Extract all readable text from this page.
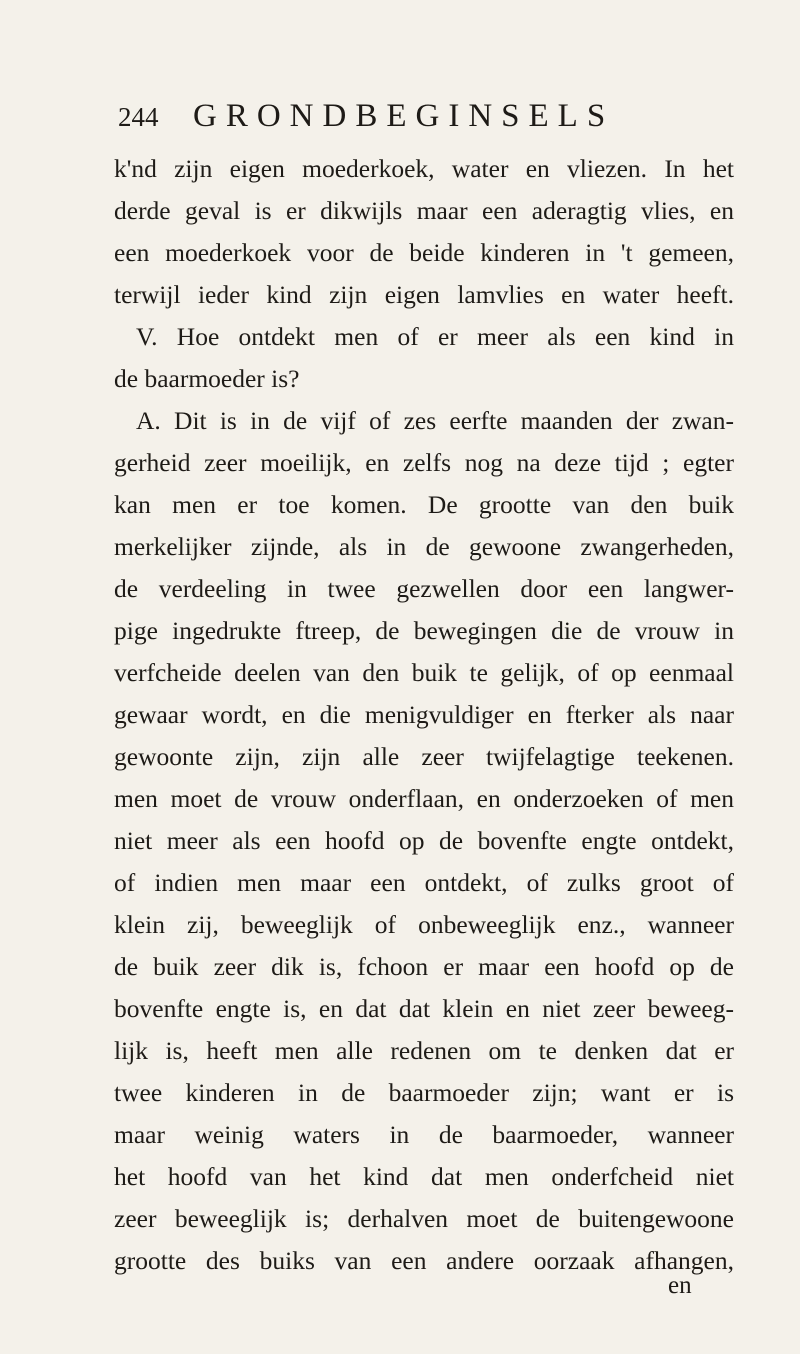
244	GRONDBEGINSELS
k'nd zijn eigen moederkoek, water en vliezen. In het
derde geval is er dikwijls maar een aderagtig vlies, en
een moederkoek voor de beide kinderen in 't gemeen,
terwijl ieder kind zijn eigen lamvlies en water heeft.
V. Hoe ontdekt men of er meer als een kind in
de baarmoeder is?
A. Dit is in de vijf of zes eerfte maanden der zwan-
gerheid zeer moeilijk, en zelfs nog na deze tijd ; egter
kan men er toe komen. De grootte van den buik
merkelijker zijnde, als in de gewoone zwangerheden,
de verdeeling in twee gezwellen door een langwer-
pige ingedrukte ftreep, de bewegingen die de vrouw in
verfcheide deelen van den buik te gelijk, of op eenmaal
gewaar wordt, en die menigvuldiger en fterker als naar
gewoonte zijn, zijn alle zeer twijfelagtige teekenen.
men moet de vrouw onderflaan, en onderzoeken of men
niet meer als een hoofd op de bovenfte engte ontdekt,
of indien men maar een ontdekt, of zulks groot of
klein zij, beweeglijk of onbeweeglijk enz., wanneer
de buik zeer dik is, fchoon er maar een hoofd op de
bovenfte engte is, en dat dat klein en niet zeer beweeg-
lijk is, heeft men alle redenen om te denken dat er
twee kinderen in de baarmoeder zijn; want er is
maar weinig waters in de baarmoeder, wanneer
het hoofd van het kind dat men onderfcheid niet
zeer beweeglijk is; derhalven moet de buitengewoone
grootte des buiks van een andere oorzaak afhangen,
en
